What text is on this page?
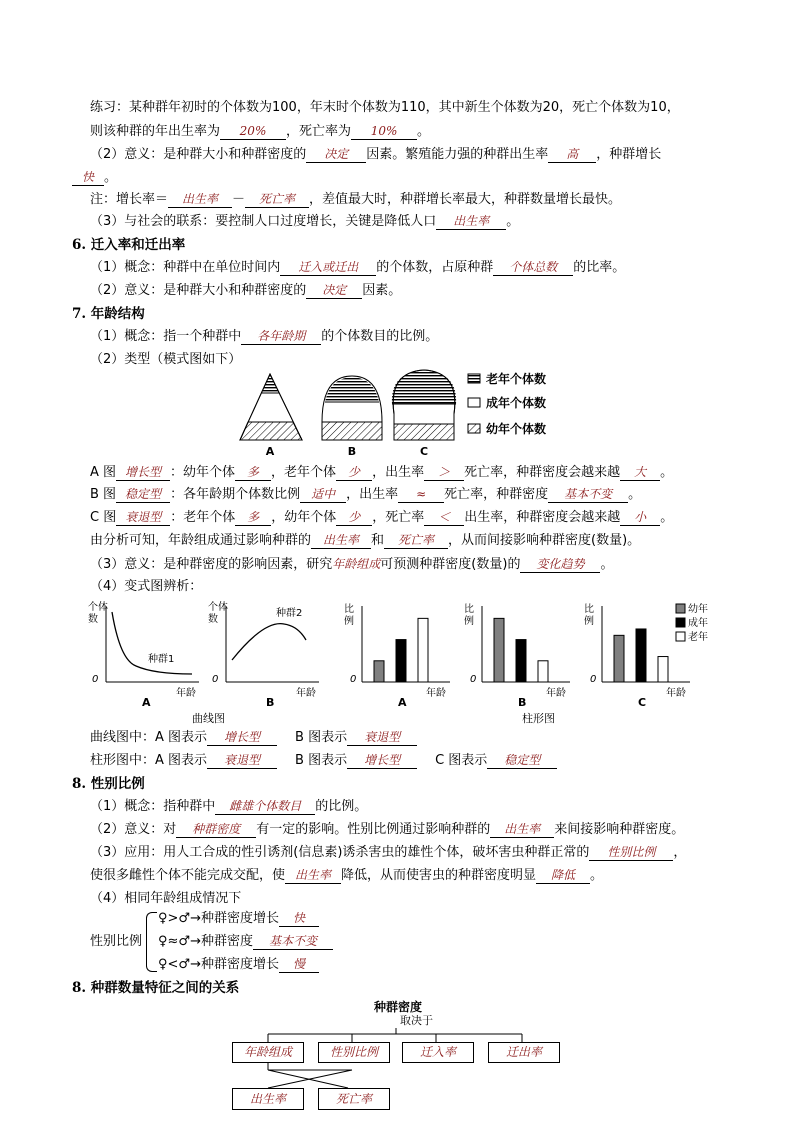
练习：某种群年初时的个体数为100，年末时个体数为110，其中新生个体数为20，死亡个体数为10，
则该种群的年出生率为 20% ，死亡率为 10% 。
（2）意义：是种群大小和种群密度的 决定 因素。繁殖能力强的种群出生率 高 ，种群增长
快 。
注：增长率＝ 出生率 － 死亡率 ，差值最大时，种群增长率最大，种群数量增长最快。
（3）与社会的联系：要控制人口过度增长，关键是降低人口 出生率 。
6. 迁入率和迁出率
（1）概念：种群中在单位时间内 迁入或迁出 的个体数，占原种群 个体总数 的比率。
（2）意义：是种群大小和种群密度的 决定 因素。
7. 年龄结构
（1）概念：指一个种群中 各年龄期 的个体数目的比例。
（2）类型（模式图如下）
A	B	C
老年个体数
成年个体数
幼年个体数
A 图 增长型 ：幼年个体 多 ，老年个体 少 ，出生率 ＞ 死亡率，种群密度会越来越 大 。
B 图 稳定型 ：各年龄期个体数比例 适中 ，出生率 ≈ 死亡率，种群密度 基本不变 。
C 图 衰退型 ：老年个体 多 ，幼年个体 少 ，死亡率 ＜ 出生率，种群密度会越来越 小 。
由分析可知，年龄组成通过影响种群的 出生率 和 死亡率 ，从而间接影响种群密度(数量)。
（3）意义：是种群密度的影响因素，研究年龄组成可预测种群密度(数量)的 变化趋势 。
（4）变式图辨析：
个体
数
种群1
0
年龄
A
个体
数
种群2
0
年龄
B
曲线图	柱形图
幼年
成年
老年
比
例
0
年龄
A
比
例
0
年龄
B
比
例
0
年龄
C
曲线图中：A 图表示 增长型	B 图表示 衰退型
柱形图中：A 图表示 衰退型	B 图表示 增长型	C 图表示 稳定型
8. 性别比例
（1）概念：指种群中 雌雄个体数目 的比例。
（2）意义：对 种群密度 有一定的影响。性别比例通过影响种群的 出生率 来间接影响种群密度。
（3）应用：用人工合成的性引诱剂(信息素)诱杀害虫的雄性个体，破坏害虫种群正常的 性别比例 ，
使很多雌性个体不能完成交配，使 出生率 降低，从而使害虫的种群密度明显 降低 。
（4）相同年龄组成情况下
性别比例
♀>♂→种群密度增长 快
♀≈♂→种群密度 基本不变
♀<♂→种群密度增长 慢
8. 种群数量特征之间的关系
种群密度
取决于
年龄组成	性别比例	迁入率	迁出率
出生率	死亡率
